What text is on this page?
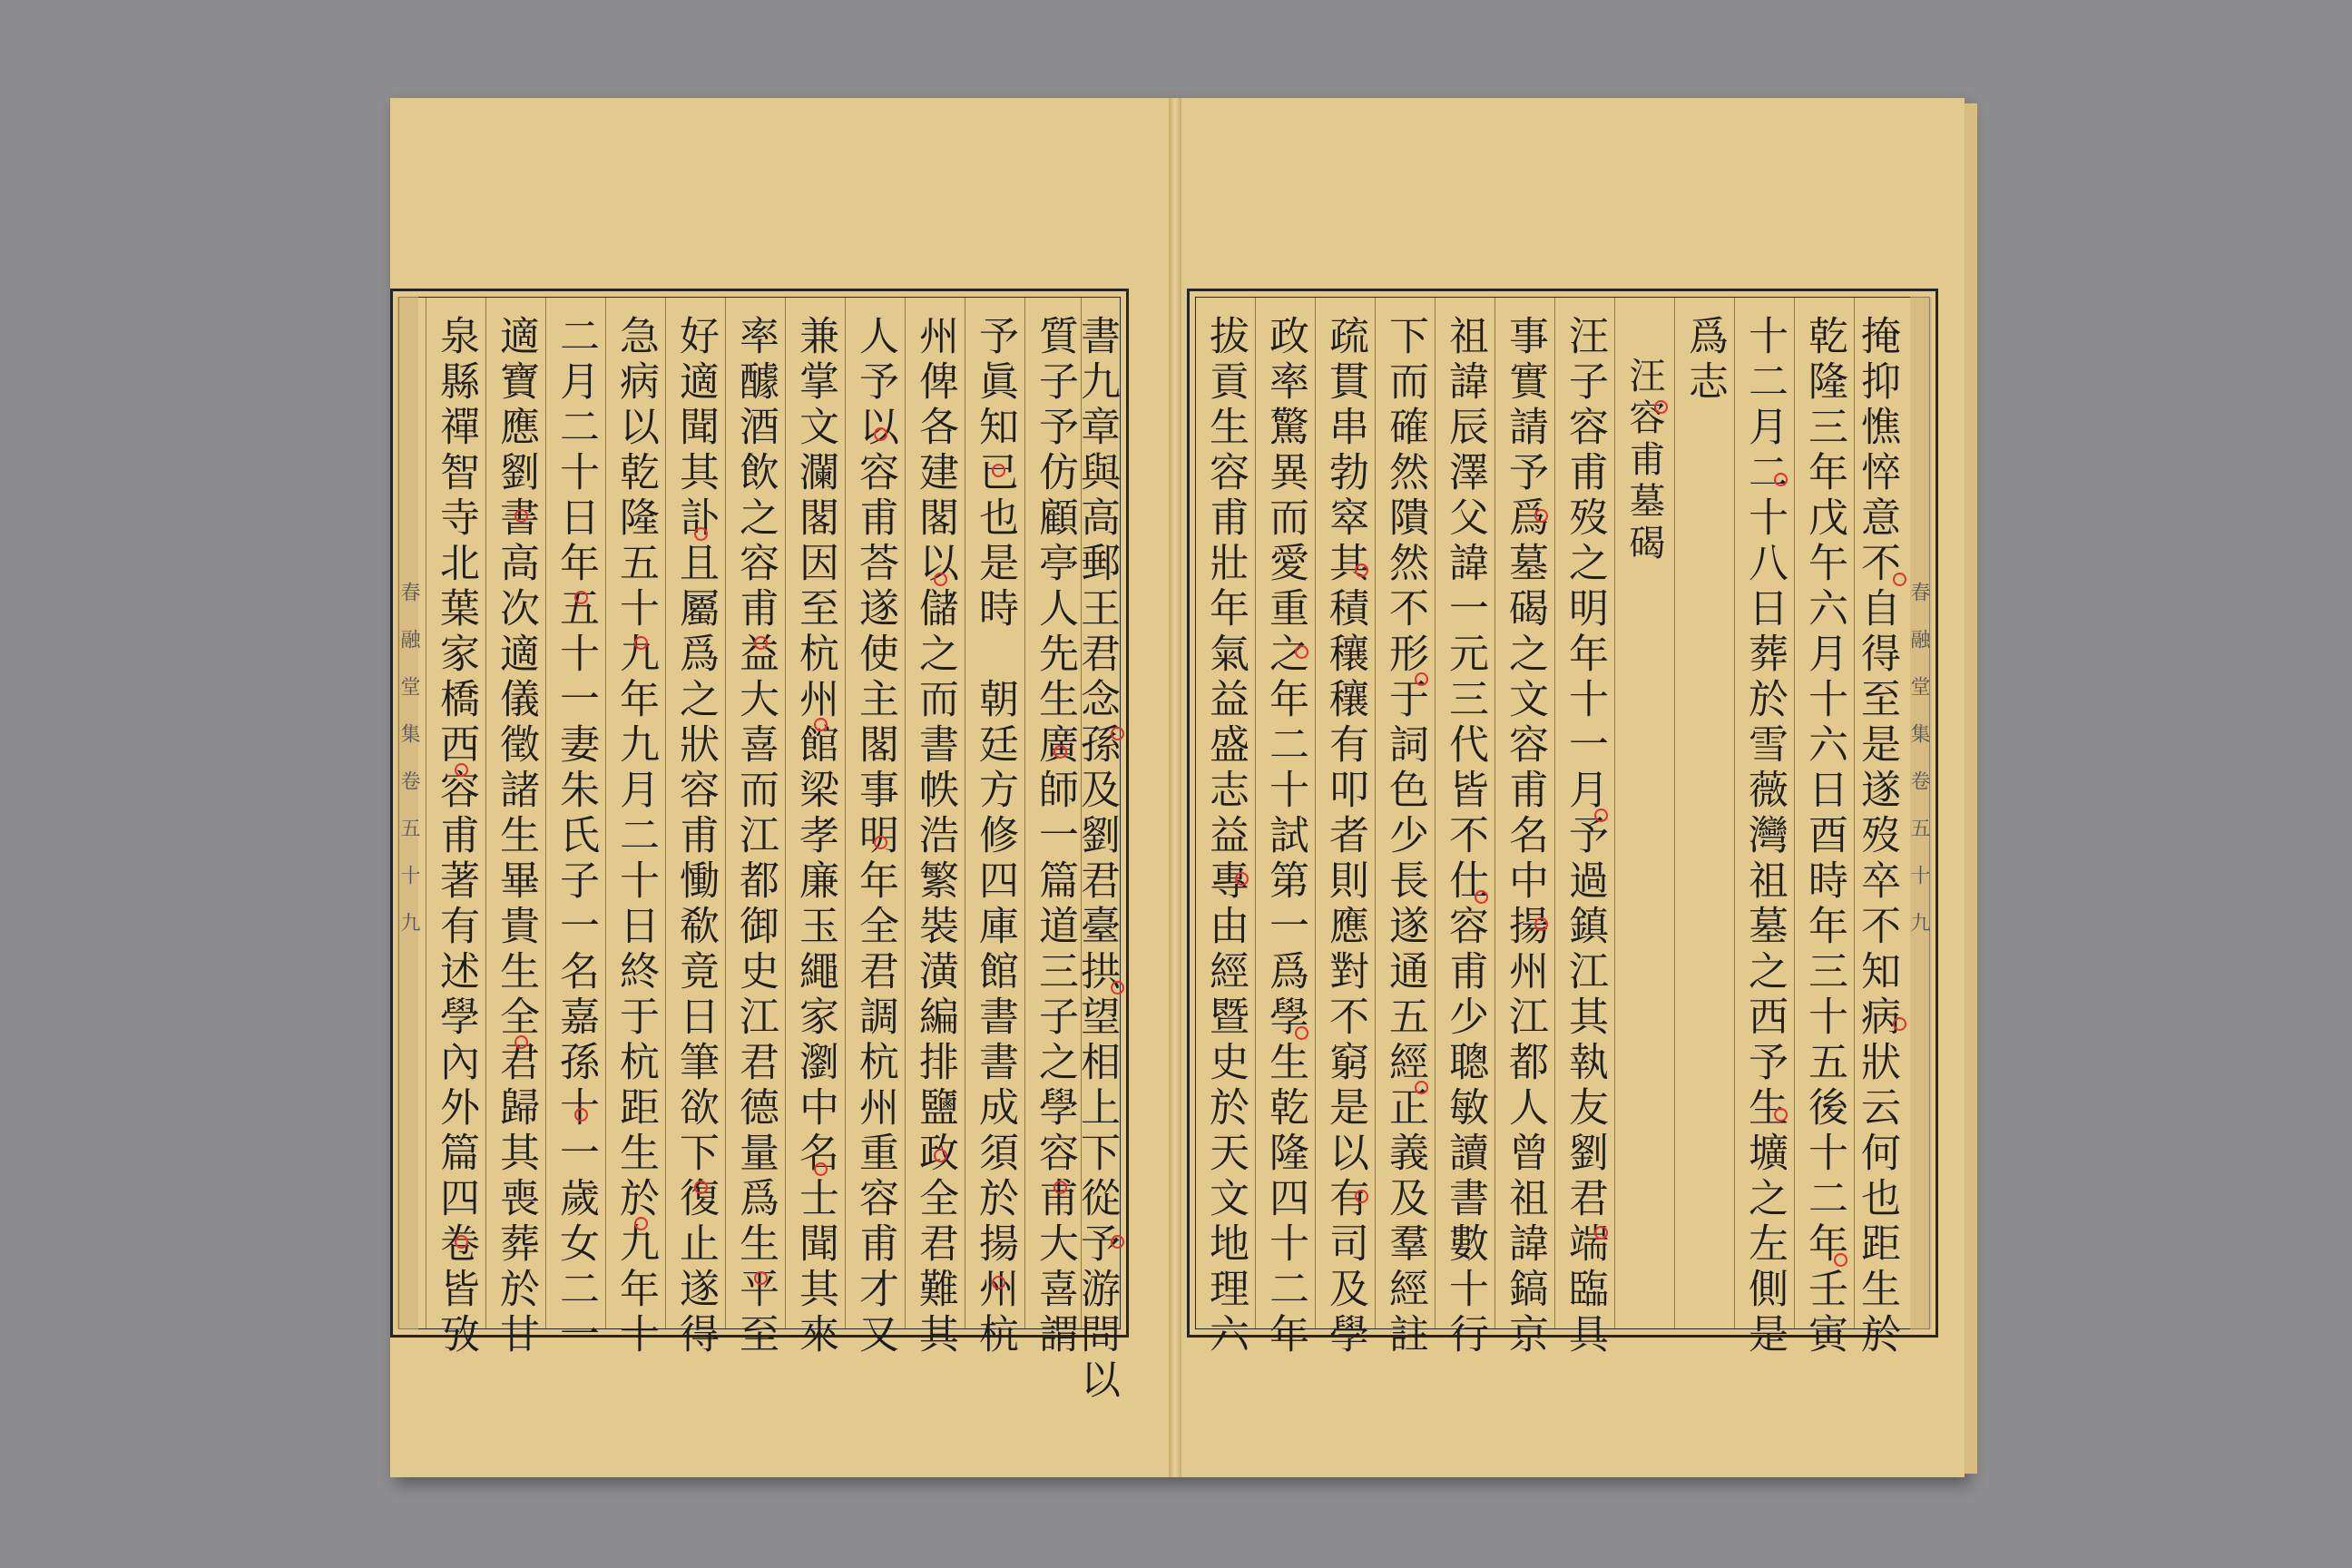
春融堂集卷五十九 泉縣禪智寺北葉家橋西容甫著有述學內外篇四卷皆攷 適寶應劉書高次適儀徵諸生畢貴生全君歸其喪葬於甘 二月二十日年五十一妻朱氏子一名嘉孫十一歲女二一 急病以乾隆五十九年九月二十日終于杭距生於九年十 好適聞其訃且屬爲之狀容甫慟欷竟日筆欲下復止遂得 率醵酒飲之容甫益大喜而江都御史江君德量爲生平至 兼掌文瀾閣因至杭州館梁孝廉玉繩家瀏中名士聞其來 人予以容甫荅遂使主閣事明年全君調杭州重容甫才又 州俾各建閣以儲之而書帙浩繁裝潢編排鹽政全君難其 予眞知已也是時　朝廷方修四庫館書書成須於揚州杭 質子予仿顧亭人先生廣師一篇道三子之學容甫大喜謂
書九章與高郵王君念孫及劉君臺拱望相上下從予游問以	春融堂集卷五十九
拔貢生容甫壯年氣益盛志益專由經暨史於天文地理六 政率驚異而愛重之年二十試第一爲學生乾隆四十二年 疏貫串勃窣其積穰穰有叩者則應對不窮是以有司及學 下而確然隤然不形于詞色少長遂通五經正義及羣經註 祖諱辰澤父諱一元三代皆不仕容甫少聰敏讀書數十行 事實請予爲墓碣之文容甫名中揚州江都人曾祖諱鎬京 汪子容甫歿之明年十一月予過鎮江其執友劉君端臨具 　汪容甫墓碣 爲志 十二月二十八日葬於雪薇灣祖墓之西予生壙之左側是 乾隆三年戊午六月十六日酉時年三十五後十二年壬寅 掩抑憔悴意不自得至是遂歿卒不知病狀云何也距生於
